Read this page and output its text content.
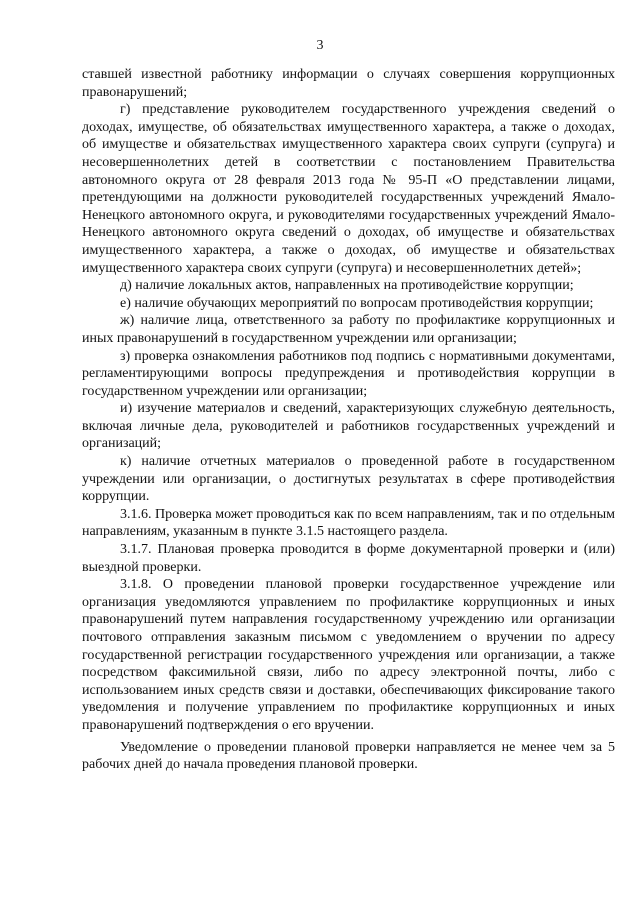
3

ставшей известной работнику информации о случаях совершения коррупционных правонарушений;

г) представление руководителем государственного учреждения сведений о доходах, имуществе, об обязательствах имущественного характера, а также о доходах, об имуществе и обязательствах имущественного характера своих супруги (супруга) и несовершеннолетних детей в соответствии с постановлением Правительства автономного округа от 28 февраля 2013 года № 95-П «О представлении лицами, претендующими на должности руководителей государственных учреждений Ямало-Ненецкого автономного округа, и руководителями государственных учреждений Ямало-Ненецкого автономного округа сведений о доходах, об имуществе и обязательствах имущественного характера, а также о доходах, об имуществе и обязательствах имущественного характера своих супруги (супруга) и несовершеннолетних детей»;

д) наличие локальных актов, направленных на противодействие коррупции;

е) наличие обучающих мероприятий по вопросам противодействия коррупции;

ж) наличие лица, ответственного за работу по профилактике коррупционных и иных правонарушений в государственном учреждении или организации;

з) проверка ознакомления работников под подпись с нормативными документами, регламентирующими вопросы предупреждения и противодействия коррупции в государственном учреждении или организации;

и) изучение материалов и сведений, характеризующих служебную деятельность, включая личные дела, руководителей и работников государственных учреждений и организаций;

к) наличие отчетных материалов о проведенной работе в государственном учреждении или организации, о достигнутых результатах в сфере противодействия коррупции.

3.1.6. Проверка может проводиться как по всем направлениям, так и по отдельным направлениям, указанным в пункте 3.1.5 настоящего раздела.

3.1.7. Плановая проверка проводится в форме документарной проверки и (или) выездной проверки.

3.1.8. О проведении плановой проверки государственное учреждение или организация уведомляются управлением по профилактике коррупционных и иных правонарушений путем направления государственному учреждению или организации почтового отправления заказным письмом с уведомлением о вручении по адресу государственной регистрации государственного учреждения или организации, а также посредством факсимильной связи, либо по адресу электронной почты, либо с использованием иных средств связи и доставки, обеспечивающих фиксирование такого уведомления и получение управлением по профилактике коррупционных и иных правонарушений подтверждения о его вручении.

Уведомление о проведении плановой проверки направляется не менее чем за 5 рабочих дней до начала проведения плановой проверки.
